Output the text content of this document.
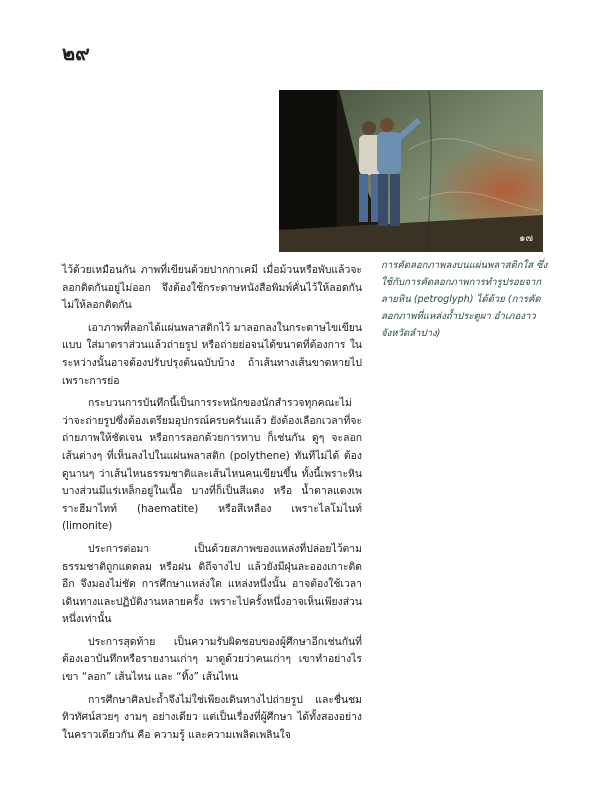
๒๙
๑๗

การคัดลอกภาพลงบนแผ่นพลาสติกใส ซึ่งใช้กับการคัดลอกภาพการทำรูปรอยจากลายหิน (petroglyph) ได้ด้วย (การคัดลอกภาพที่แหล่งถ้ำประตูผา อำเภองาว จังหวัดลำปาง)

ไว้ด้วยเหมือนกัน ภาพที่เขียนด้วยปากกาเคมี เมื่อม้วนหรือพับแล้วจะลอกติดกันอยู่ไม่ออก จึงต้องใช้กระดาษหนังสือพิมพ์คั่นไว้ให้ลอดกันไม่ให้ลอกติดกัน

เอาภาพที่ลอกได้แผ่นพลาสติกไว้ มาลอกลงในกระดาษไขเขียนแบบ ใส่มาตราส่วนแล้วถ่ายรูป หรือถ่ายย่อจนได้ขนาดที่ต้องการ ในระหว่างนั้นอาจต้องปรับปรุงต้นฉบับบ้าง ถ้าเส้นทางเส้นขาดหายไปเพราะการย่อ

กระบวนการบันทึกนี้เป็นการระหนักของนักสำรวจทุกคณะไม่ว่าจะถ่ายรูปซึ่งต้องเตรียมอุปกรณ์ครบครันแล้ว ยังต้องเลือกเวลาที่จะถ่ายภาพให้ชัดเจน หรือการลอกด้วยการทาบ ก็เช่นกัน ดูๆ จะลอกเส้นต่างๆ ที่เห็นลงไปในแผ่นพลาสติก (polythene) ทันทีไม่ได้ ต้องดูนานๆ ว่าเส้นไหนธรรมชาติและเส้นไหนคนเขียนขึ้น ทั้งนี้เพราะหินบางส่วนมีแร่เหล็กอยู่ในเนื้อ บางที่ก็เป็นสีแดง หรือ น้ำตาลแดงเพราะฮีมาไทท์ (haematite) หรือสีเหลือง เพราะไลโมไนท์ (limonite)

ประการต่อมา เป็นด้วยสภาพของแหล่งที่ปล่อยไว้ตามธรรมชาติถูกแดดลม หรือฝน ดิถีจางไป แล้วยังมีฝุ่นละอองเกาะติดอีก จึงมองไม่ชัด การศึกษาแหล่งใด แหล่งหนึ่งนั้น อาจต้องใช้เวลาเดินทางและปฏิบัติงานหลายครั้ง เพราะไปครั้งหนึ่งอาจเห็นเพียงส่วนหนึ่งเท่านั้น

ประการสุดท้าย เป็นความรับผิดชอบของผู้ศึกษาอีกเช่นกันที่ต้องเอาบันทึกหรือรายงานเก่าๆ มาดูด้วยว่าคนเก่าๆ เขาทำอย่างไร เขา “ลอก” เส้นไหน และ “ทิ้ง” เส้นไหน

การศึกษาศิลปะถ้ำจึงไม่ใช่เพียงเดินทางไปถ่ายรูป และชื่นชมทิวทัศน์สวยๆ งามๆ อย่างเดียว แต่เป็นเรื่องที่ผู้ศึกษา ได้ทั้งสองอย่างในคราวเดียวกัน คือ ความรู้ และความเพลิดเพลินใจ
